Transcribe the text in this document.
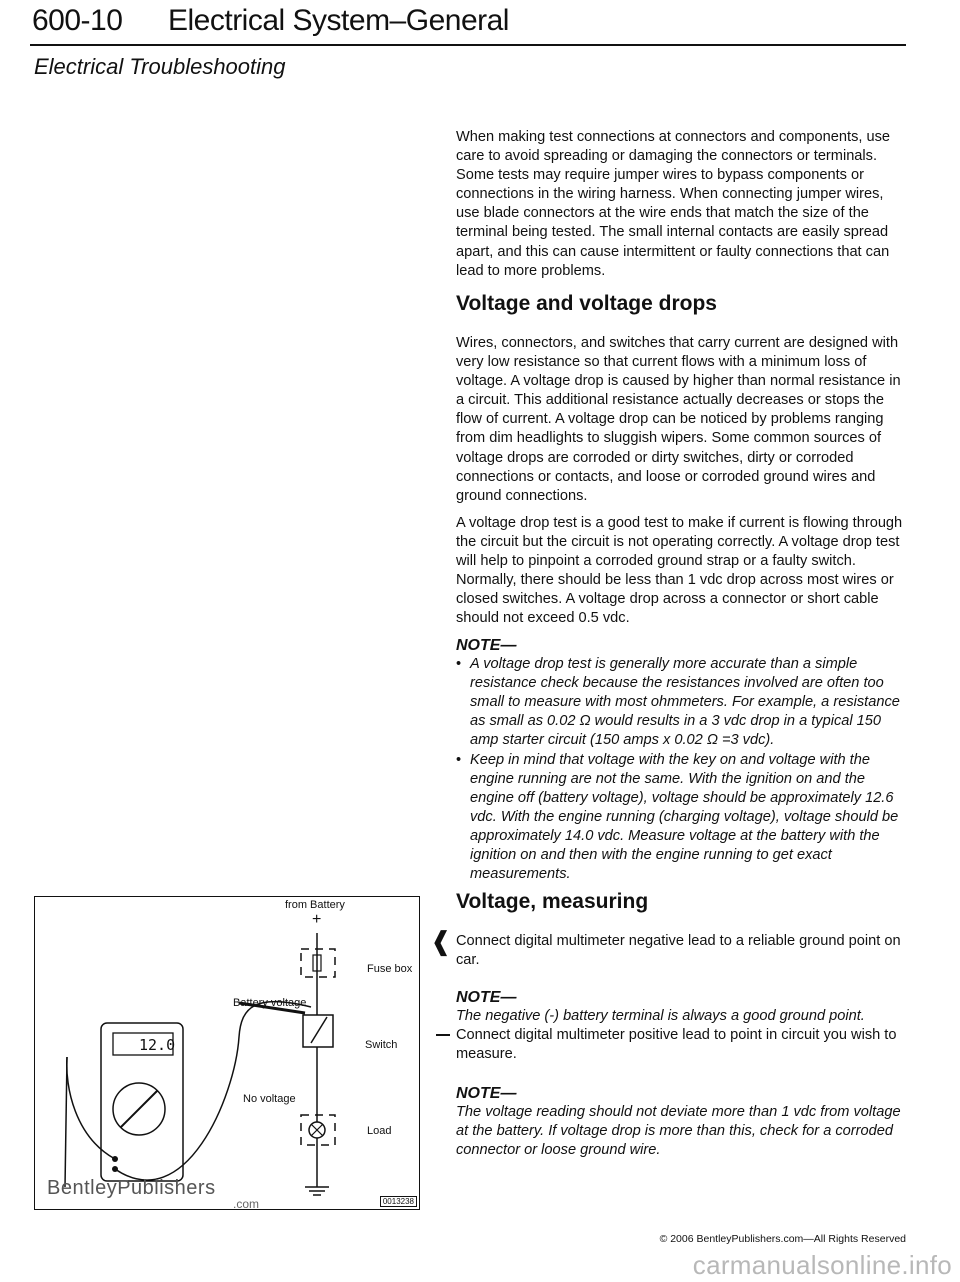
600-10 Electrical System–General
Electrical Troubleshooting

When making test connections at connectors and components, use care to avoid spreading or damaging the connectors or terminals. Some tests may require jumper wires to bypass components or connections in the wiring harness. When connecting jumper wires, use blade connectors at the wire ends that match the size of the terminal being tested. The small internal contacts are easily spread apart, and this can cause intermittent or faulty connections that can lead to more problems.

Voltage and voltage drops

Wires, connectors, and switches that carry current are designed with very low resistance so that current flows with a minimum loss of voltage. A voltage drop is caused by higher than normal resistance in a circuit. This additional resistance actually decreases or stops the flow of current. A voltage drop can be noticed by problems ranging from dim headlights to sluggish wipers. Some common sources of voltage drops are corroded or dirty switches, dirty or corroded connections or contacts, and loose or corroded ground wires and ground connections.

A voltage drop test is a good test to make if current is flowing through the circuit but the circuit is not operating correctly. A voltage drop test will help to pinpoint a corroded ground strap or a faulty switch. Normally, there should be less than 1 vdc drop across most wires or closed switches. A voltage drop across a connector or short cable should not exceed 0.5 vdc.

NOTE—

• A voltage drop test is generally more accurate than a simple resistance check because the resistances involved are often too small to measure with most ohmmeters. For example, a resistance as small as 0.02 Ω would results in a 3 vdc drop in a typical 150 amp starter circuit (150 amps x 0.02 Ω =3 vdc).
• Keep in mind that voltage with the key on and voltage with the engine running are not the same. With the ignition on and the engine off (battery voltage), voltage should be approximately 12.6 vdc. With the engine running (charging voltage), voltage should be approximately 14.0 vdc. Measure voltage at the battery with the ignition on and then with the engine running to get exact measurements.

Voltage, measuring

❰ Connect digital multimeter negative lead to a reliable ground point on car.

NOTE—

The negative (-) battery terminal is always a good ground point.

Connect digital multimeter positive lead to point in circuit you wish to measure.

NOTE—

The voltage reading should not deviate more than 1 vdc from voltage at the battery. If voltage drop is more than this, check for a corroded connector or loose ground wire.

from Battery
+
Fuse box
Battery voltage
Switch
No voltage
Load
12.0
BentleyPublishers
.com	0013238
© 2006 BentleyPublishers.com—All Rights Reserved
carmanualsonline.info
